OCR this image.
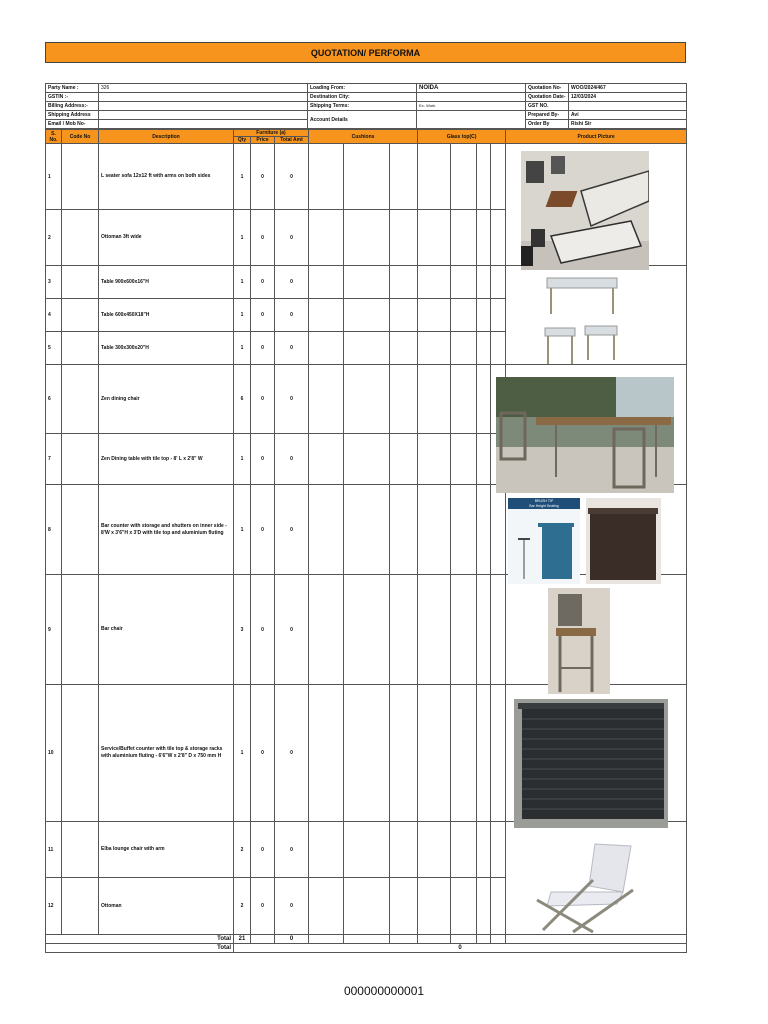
QUOTATION/ PERFORMA
Party Name :	326	Loading From:	NOIDA	Quotation No-	WOO/2024/467
GSTIN :-		Destination City:		Quotation Date-	12/03/2024
Billing Address:-		Shipping Terms:	Ex- Work	GST NO.	
Shipping Address		Account Details		Prepared By-	Avi
Email / Mob No-				Order By	Rishi Sir
S. No.	Code No	Description	Furniture (a)			Cushions			Glass top(C)				Product Picture
			Qty	Price	Total Amt								
1		L seater sofa 12x12 ft with arms on both sides	1	0	0								
2		Ottoman 3ft wide	1	0	0								
3		Table 900x600x16"H	1	0	0								
4		Table 600x450X18"H	1	0	0								
5		Table 300x300x20"H	1	0	0								
6		Zen dining chair	6	0	0								
7		Zen Dining table with tile top - 8' L x 2'8" W	1	0	0								
8		Bar counter with storage and shutters on inner side - 8'W x 3'6"H x 3'D with tile top and aluminium fluting	1	0	0								
9		Bar chair	3	0	0								
10		Service/Buffet counter with tile top & storage racks with aluminium fluting - 6'6"W x 2'8" D x 750 mm H	1	0	0								
11		Elba lounge chair with arm	2	0	0								
12		Ottoman	2	0	0								
Total			21		0								
Total			0										
BRUSH TIP
Bar Height Seating
000000000001
